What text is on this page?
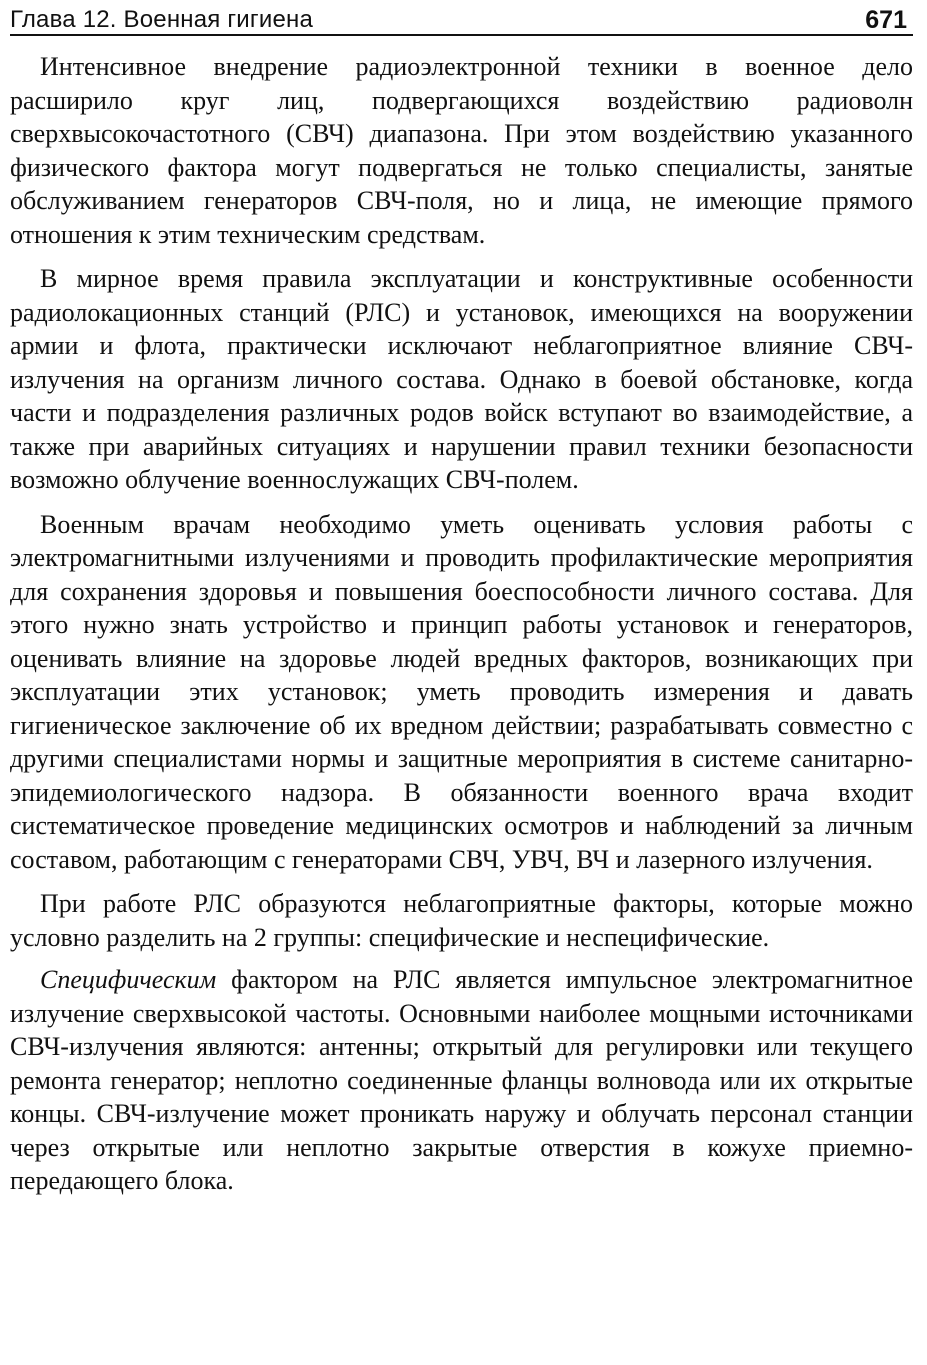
Глава 12. Военная гигиена	671

Интенсивное внедрение радиоэлектронной техники в военное дело расширило круг лиц, подвергающихся воздействию радиоволн сверхвысокочастотного (СВЧ) диапазона. При этом воздействию указанного физического фактора могут подвергаться не только специалисты, занятые обслуживанием генераторов СВЧ-поля, но и лица, не имеющие прямого отношения к этим техническим средствам.

В мирное время правила эксплуатации и конструктивные особенности радиолокационных станций (РЛС) и установок, имеющихся на вооружении армии и флота, практически исключают неблагоприятное влияние СВЧ-излучения на организм личного состава. Однако в боевой обстановке, когда части и подразделения различных родов войск вступают во взаимодействие, а также при аварийных ситуациях и нарушении правил техники безопасности возможно облучение военнослужащих СВЧ-полем.

Военным врачам необходимо уметь оценивать условия работы с электромагнитными излучениями и проводить профилактические мероприятия для сохранения здоровья и повышения боеспособности личного состава. Для этого нужно знать устройство и принцип работы установок и генераторов, оценивать влияние на здоровье людей вредных факторов, возникающих при эксплуатации этих установок; уметь проводить измерения и давать гигиеническое заключение об их вредном действии; разрабатывать совместно с другими специалистами нормы и защитные мероприятия в системе санитарно-эпидемиологического надзора. В обязанности военного врача входит систематическое проведение медицинских осмотров и наблюдений за личным составом, работающим с генераторами СВЧ, УВЧ, ВЧ и лазерного излучения.

При работе РЛС образуются неблагоприятные факторы, которые можно условно разделить на 2 группы: специфические и неспецифические.

Специфическим фактором на РЛС является импульсное электромагнитное излучение сверхвысокой частоты. Основными наиболее мощными источниками СВЧ-излучения являются: антенны; открытый для регулировки или текущего ремонта генератор; неплотно соединенные фланцы волновода или их открытые концы. СВЧ-излучение может проникать наружу и облучать персонал станции через открытые или неплотно закрытые отверстия в кожухе приемно-передающего блока.
